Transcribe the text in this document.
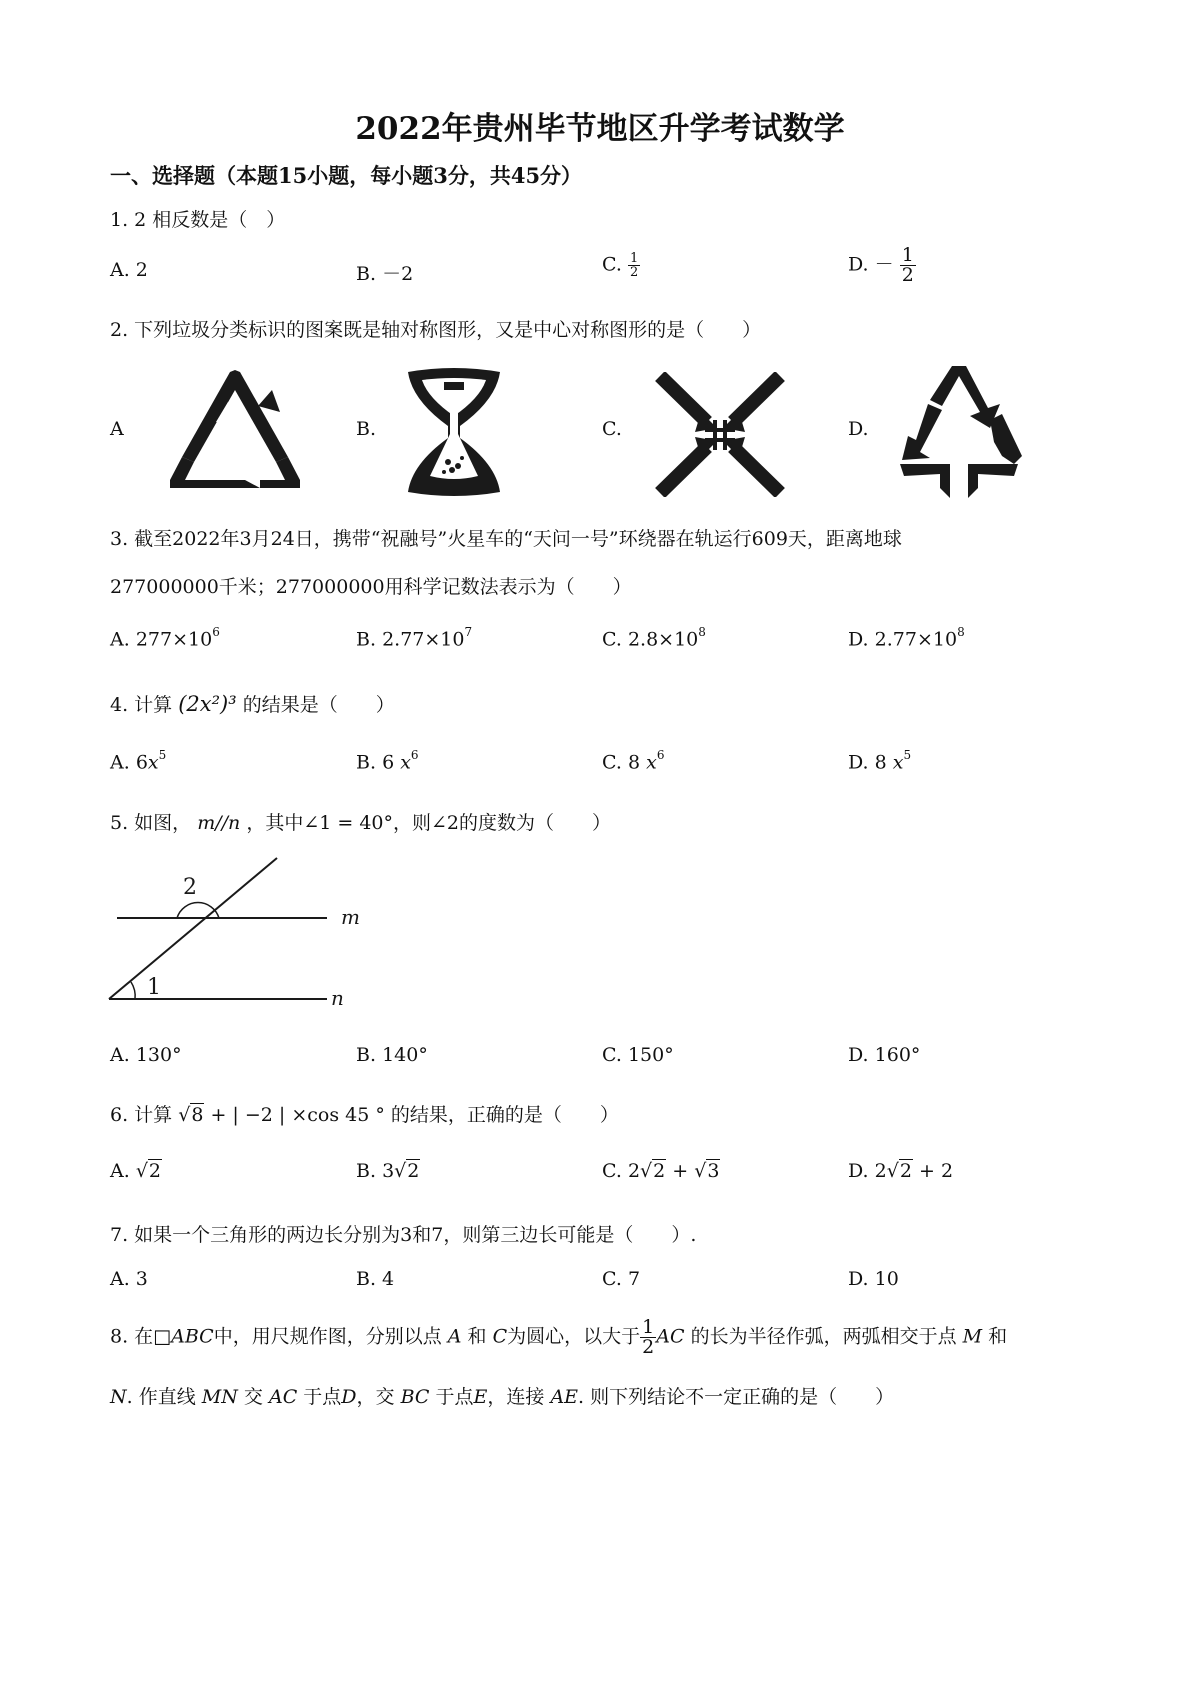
2022年贵州毕节地区升学考试数学
一、选择题（本题15小题，每小题3分，共45分）
1. 2 相反数是（　）
A. 2	B. －2	C. $\frac{1}{2}$	D. － $\frac{1}{2}$
2. 下列垃圾分类标识的图案既是轴对称图形，又是中心对称图形的是（　　）
A	B.	C.	D.
3. 截至2022年3月24日，携带“祝融号”火星车的“天问一号”环绕器在轨运行609天，距离地球
277000000千米；277000000用科学记数法表示为（　　）
A. $277\times 10^6$	B. $2.77\times 10^7$	C. $2.8\times 10^8$	D. $2.77\times 10^8$
4. 计算 (2x²)³ 的结果是（　　）
A. $6x^5$	B. 6 $x^6$	C. 8 $x^6$	D. 8 $x^5$
5. 如图， m//n ，其中∠1 = 40°，则∠2的度数为（　　）
2
1
m
n
A. 130°	B. 140°	C. 150°	D. 160°
6. 计算 √8 + | −2 | ×cos 45 ° 的结果，正确的是（　　）
A. √2	B. 3√2	C. 2√2 + √3	D. 2√2 + 2
7. 如果一个三角形的两边长分别为3和7，则第三边长可能是（　　）.
A. 3	B. 4	C. 7	D. 10
8. 在□ABC中，用尺规作图，分别以点 A 和 C为圆心，以大于 $\frac{1}{2}$ AC 的长为半径作弧，两弧相交于点 M 和
N. 作直线 MN 交 AC 于点D，交 BC 于点E，连接 AE. 则下列结论不一定正确的是（　　）
